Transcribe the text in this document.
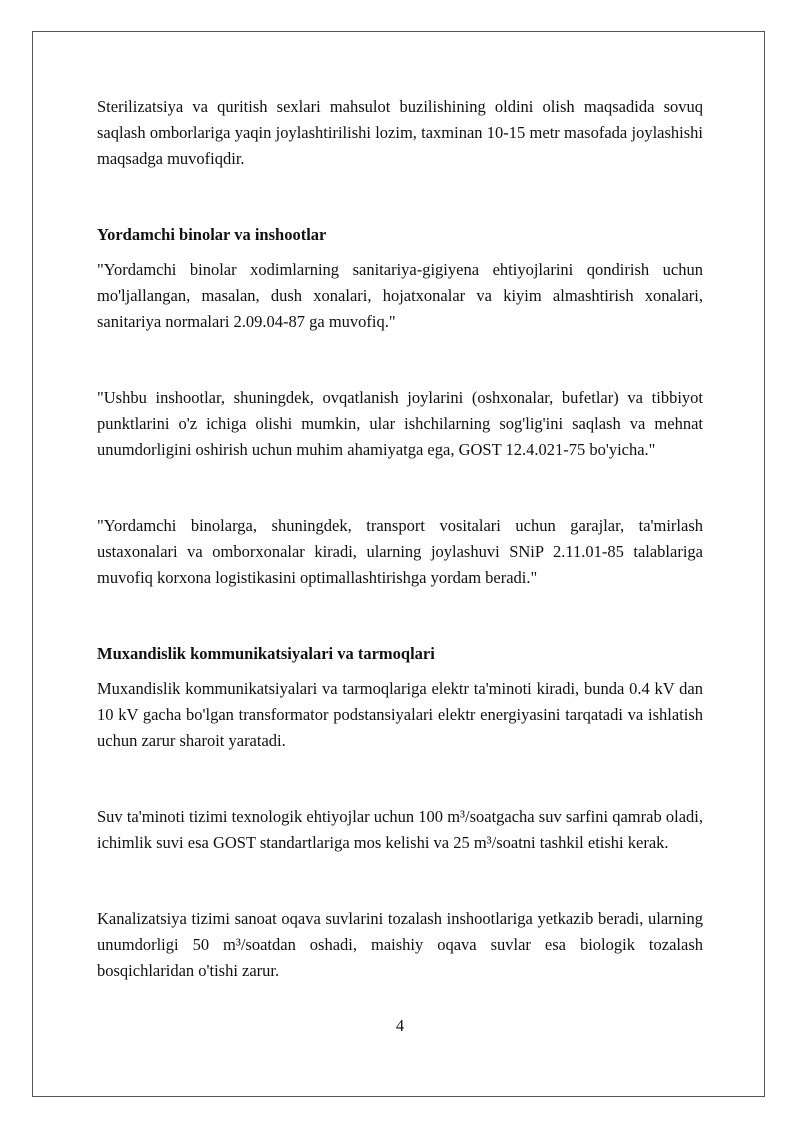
Sterilizatsiya va quritish sexlari mahsulot buzilishining oldini olish maqsadida sovuq saqlash omborlariga yaqin joylashtirilishi lozim, taxminan 10-15 metr masofada joylashishi maqsadga muvofiqdir.

Yordamchi binolar va inshootlar

"Yordamchi binolar xodimlarning sanitariya-gigiyena ehtiyojlarini qondirish uchun mo'ljallangan, masalan, dush xonalari, hojatxonalar va kiyim almashtirish xonalari, sanitariya normalari 2.09.04-87 ga muvofiq."

"Ushbu inshootlar, shuningdek, ovqatlanish joylarini (oshxonalar, bufetlar) va tibbiyot punktlarini o'z ichiga olishi mumkin, ular ishchilarning sog'lig'ini saqlash va mehnat unumdorligini oshirish uchun muhim ahamiyatga ega, GOST 12.4.021-75 bo'yicha."

"Yordamchi binolarga, shuningdek, transport vositalari uchun garajlar, ta'mirlash ustaxonalari va omborxonalar kiradi, ularning joylashuvi SNiP 2.11.01-85 talablariga muvofiq korxona logistikasini optimallashtirishga yordam beradi."

Muxandislik kommunikatsiyalari va tarmoqlari

Muxandislik kommunikatsiyalari va tarmoqlariga elektr ta'minoti kiradi, bunda 0.4 kV dan 10 kV gacha bo'lgan transformator podstansiyalari elektr energiyasini tarqatadi va ishlatish uchun zarur sharoit yaratadi.

Suv ta'minoti tizimi texnologik ehtiyojlar uchun 100 m³/soatgacha suv sarfini qamrab oladi, ichimlik suvi esa GOST standartlariga mos kelishi va 25 m³/soatni tashkil etishi kerak.

Kanalizatsiya tizimi sanoat oqava suvlarini tozalash inshootlariga yetkazib beradi, ularning unumdorligi 50 m³/soatdan oshadi, maishiy oqava suvlar esa biologik tozalash bosqichlaridan o'tishi zarur.

4
